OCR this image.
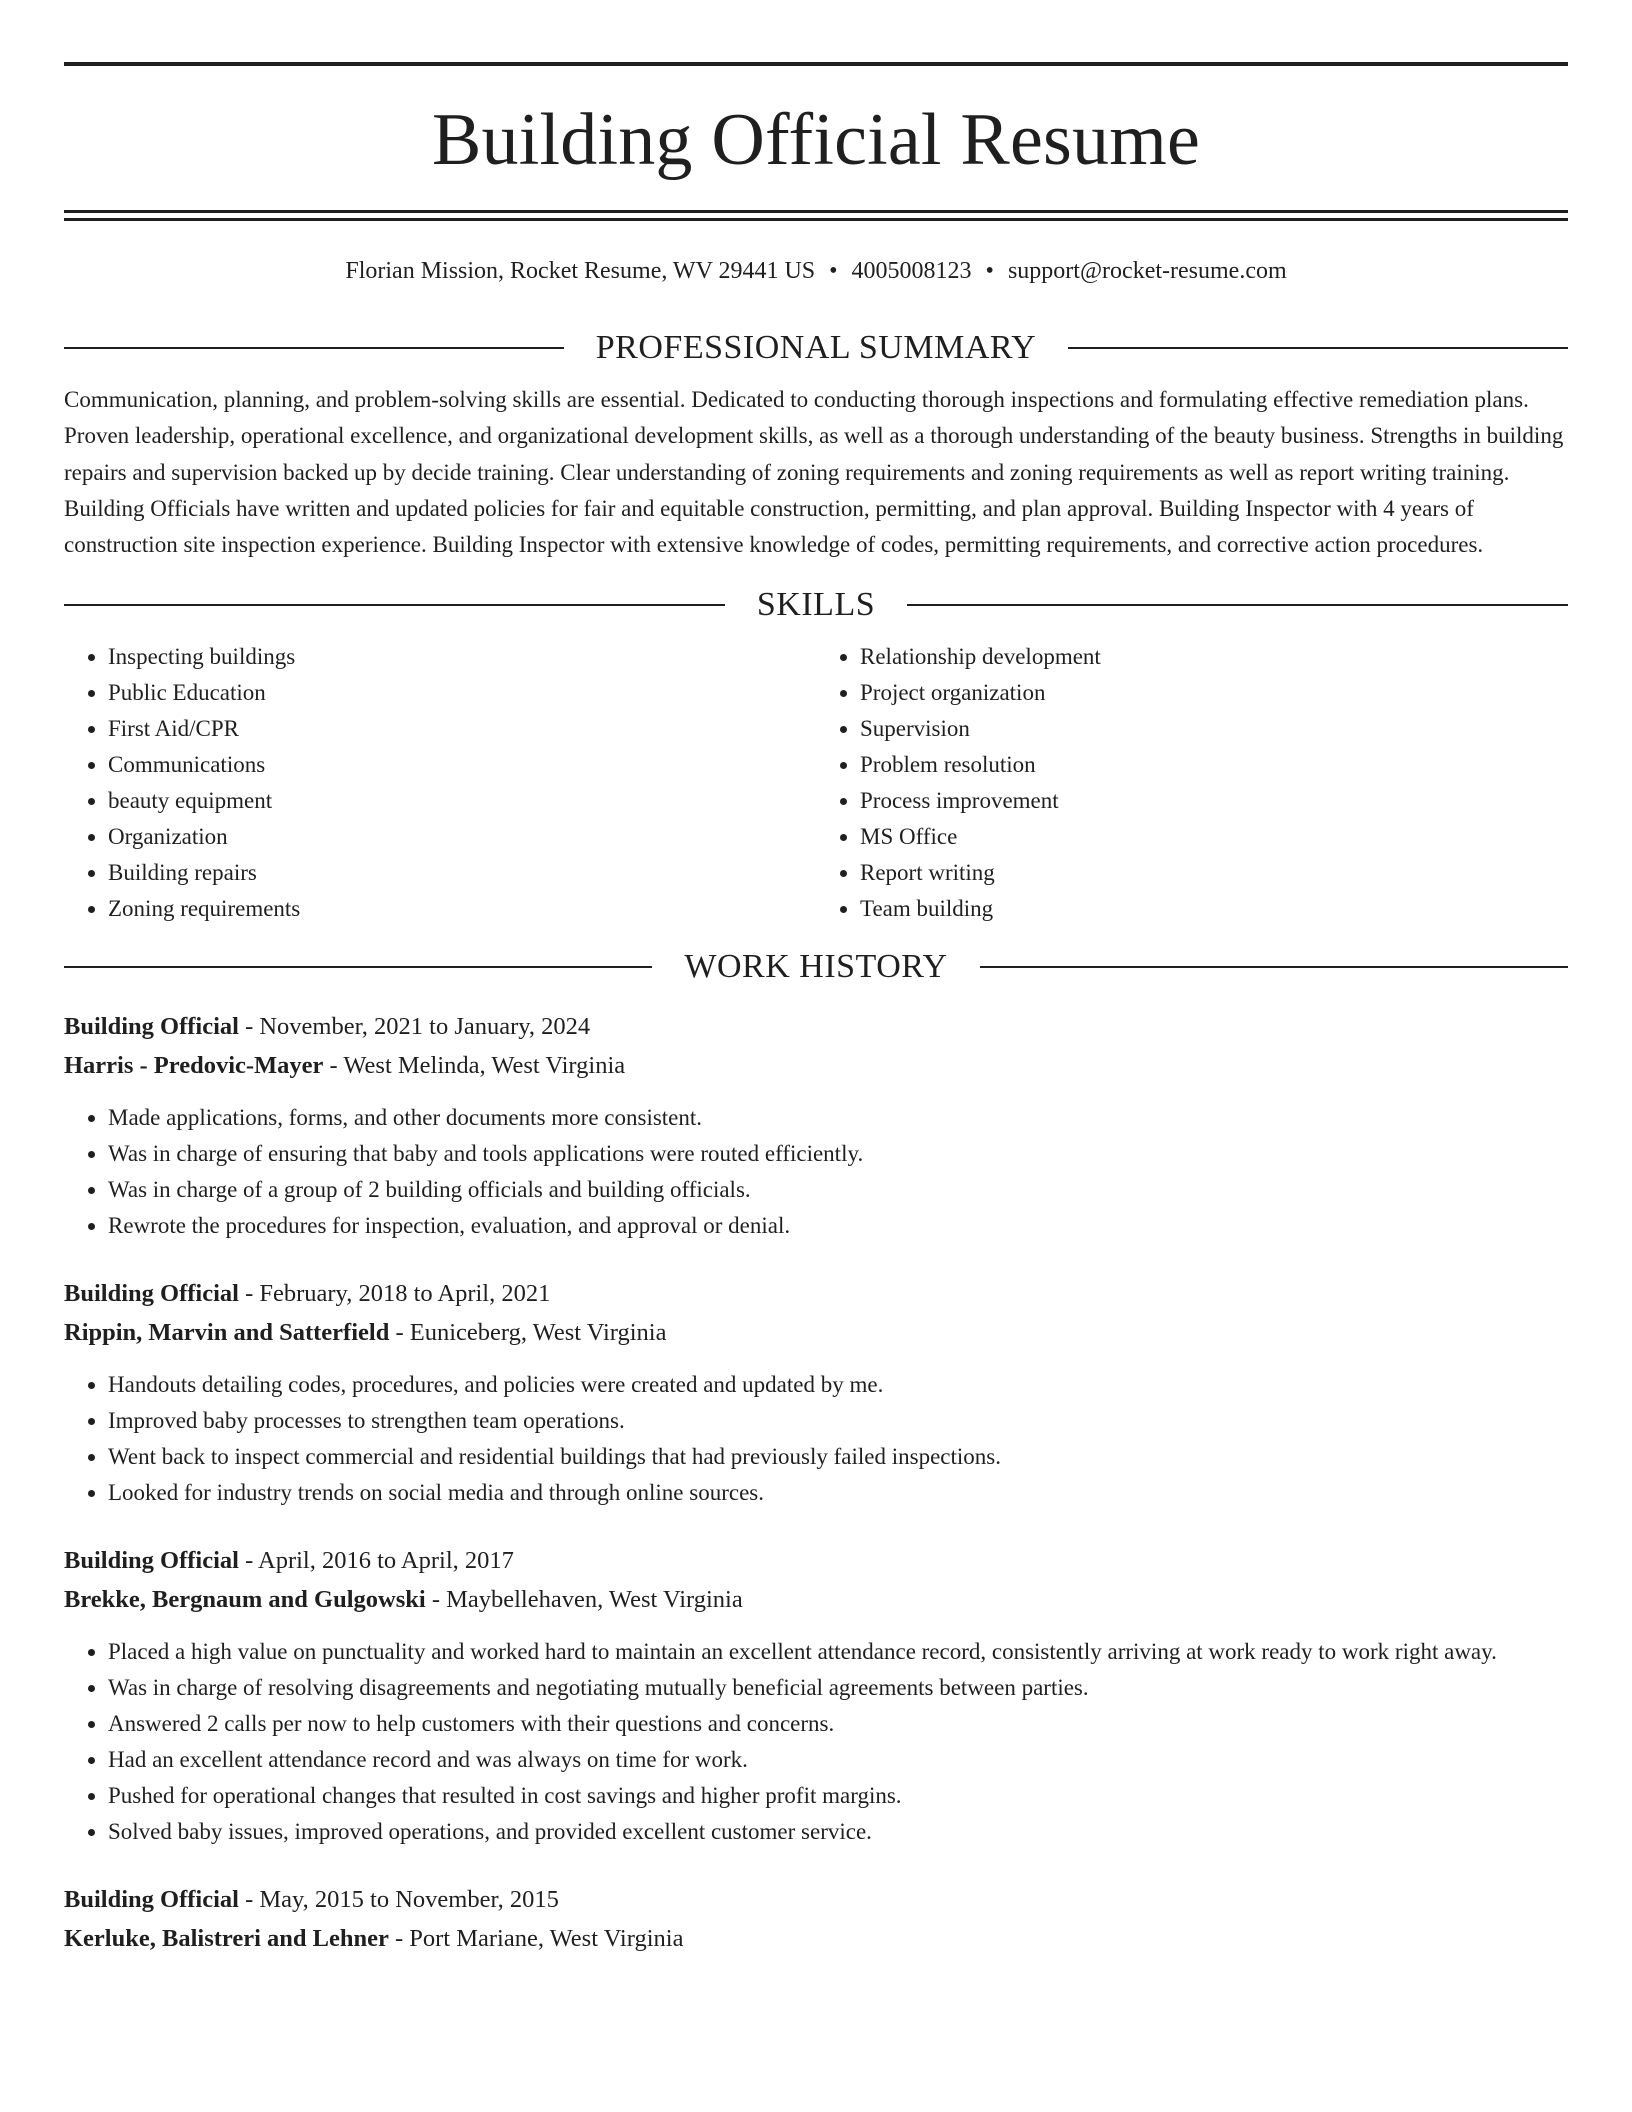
Building Official Resume
Florian Mission, Rocket Resume, WV 29441 US • 4005008123 • support@rocket-resume.com
PROFESSIONAL SUMMARY
Communication, planning, and problem-solving skills are essential. Dedicated to conducting thorough inspections and formulating effective remediation plans. Proven leadership, operational excellence, and organizational development skills, as well as a thorough understanding of the beauty business. Strengths in building repairs and supervision backed up by decide training. Clear understanding of zoning requirements and zoning requirements as well as report writing training. Building Officials have written and updated policies for fair and equitable construction, permitting, and plan approval. Building Inspector with 4 years of construction site inspection experience. Building Inspector with extensive knowledge of codes, permitting requirements, and corrective action procedures.
SKILLS
• Inspecting buildings
• Public Education
• First Aid/CPR
• Communications
• beauty equipment
• Organization
• Building repairs
• Zoning requirements
• Relationship development
• Project organization
• Supervision
• Problem resolution
• Process improvement
• MS Office
• Report writing
• Team building
WORK HISTORY
Building Official - November, 2021 to January, 2024
Harris - Predovic-Mayer - West Melinda, West Virginia
• Made applications, forms, and other documents more consistent.
• Was in charge of ensuring that baby and tools applications were routed efficiently.
• Was in charge of a group of 2 building officials and building officials.
• Rewrote the procedures for inspection, evaluation, and approval or denial.
Building Official - February, 2018 to April, 2021
Rippin, Marvin and Satterfield - Euniceberg, West Virginia
• Handouts detailing codes, procedures, and policies were created and updated by me.
• Improved baby processes to strengthen team operations.
• Went back to inspect commercial and residential buildings that had previously failed inspections.
• Looked for industry trends on social media and through online sources.
Building Official - April, 2016 to April, 2017
Brekke, Bergnaum and Gulgowski - Maybellehaven, West Virginia
• Placed a high value on punctuality and worked hard to maintain an excellent attendance record, consistently arriving at work ready to work right away.
• Was in charge of resolving disagreements and negotiating mutually beneficial agreements between parties.
• Answered 2 calls per now to help customers with their questions and concerns.
• Had an excellent attendance record and was always on time for work.
• Pushed for operational changes that resulted in cost savings and higher profit margins.
• Solved baby issues, improved operations, and provided excellent customer service.
Building Official - May, 2015 to November, 2015
Kerluke, Balistreri and Lehner - Port Mariane, West Virginia
